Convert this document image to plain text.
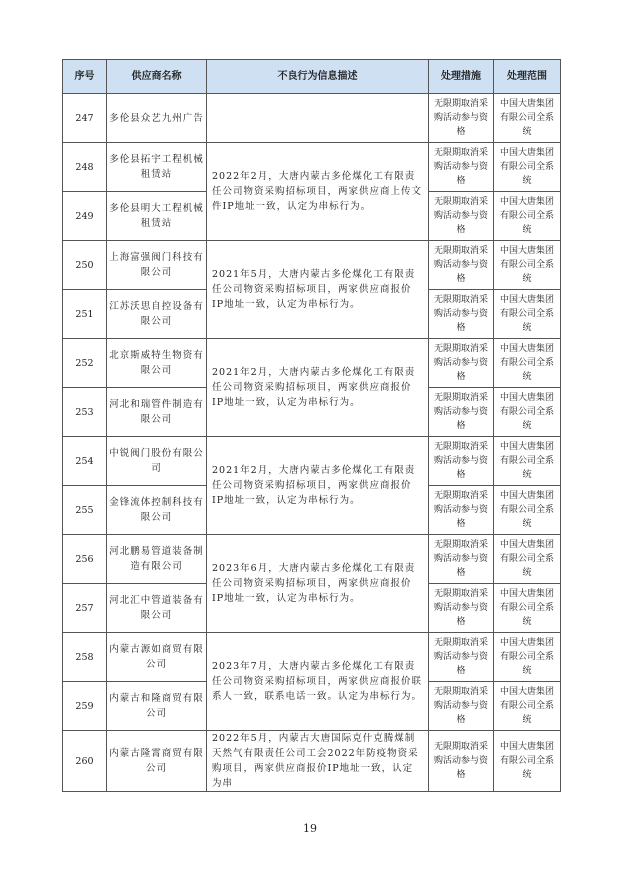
序号	供应商名称	不良行为信息描述	处理措施	处理范围
247	多伦县众艺九州广告		无限期取消采购活动参与资格	中国大唐集团有限公司全系统
248	多伦县拓宇工程机械租赁站	2022年2月，大唐内蒙古多伦煤化工有限责任公司物资采购招标项目，两家供应商上传文件IP地址一致，认定为串标行为。	无限期取消采购活动参与资格	中国大唐集团有限公司全系统
249	多伦县明大工程机械租赁站		无限期取消采购活动参与资格	中国大唐集团有限公司全系统
250	上海富强阀门科技有限公司	2021年5月，大唐内蒙古多伦煤化工有限责任公司物资采购招标项目，两家供应商报价IP地址一致，认定为串标行为。	无限期取消采购活动参与资格	中国大唐集团有限公司全系统
251	江苏沃思自控设备有限公司		无限期取消采购活动参与资格	中国大唐集团有限公司全系统
252	北京斯威特生物资有限公司	2021年2月，大唐内蒙古多伦煤化工有限责任公司物资采购招标项目，两家供应商报价IP地址一致，认定为串标行为。	无限期取消采购活动参与资格	中国大唐集团有限公司全系统
253	河北和瑞管件制造有限公司		无限期取消采购活动参与资格	中国大唐集团有限公司全系统
254	中锐阀门股份有限公司	2021年2月，大唐内蒙古多伦煤化工有限责任公司物资采购招标项目，两家供应商报价IP地址一致，认定为串标行为。	无限期取消采购活动参与资格	中国大唐集团有限公司全系统
255	金锋流体控制科技有限公司		无限期取消采购活动参与资格	中国大唐集团有限公司全系统
256	河北鹏易管道装备制造有限公司	2023年6月，大唐内蒙古多伦煤化工有限责任公司物资采购招标项目，两家供应商报价IP地址一致，认定为串标行为。	无限期取消采购活动参与资格	中国大唐集团有限公司全系统
257	河北汇中管道装备有限公司		无限期取消采购活动参与资格	中国大唐集团有限公司全系统
258	内蒙古源如商贸有限公司	2023年7月，大唐内蒙古多伦煤化工有限责任公司物资采购招标项目，两家供应商报价联系人一致，联系电话一致。认定为串标行为。	无限期取消采购活动参与资格	中国大唐集团有限公司全系统
259	内蒙古和隆商贸有限公司		无限期取消采购活动参与资格	中国大唐集团有限公司全系统
260	内蒙古隆霄商贸有限公司	2022年5月，内蒙古大唐国际克什克腾煤制天然气有限责任公司工会2022年防疫物资采购项目，两家供应商报价IP地址一致，认定为串	无限期取消采购活动参与资格	中国大唐集团有限公司全系统
19
